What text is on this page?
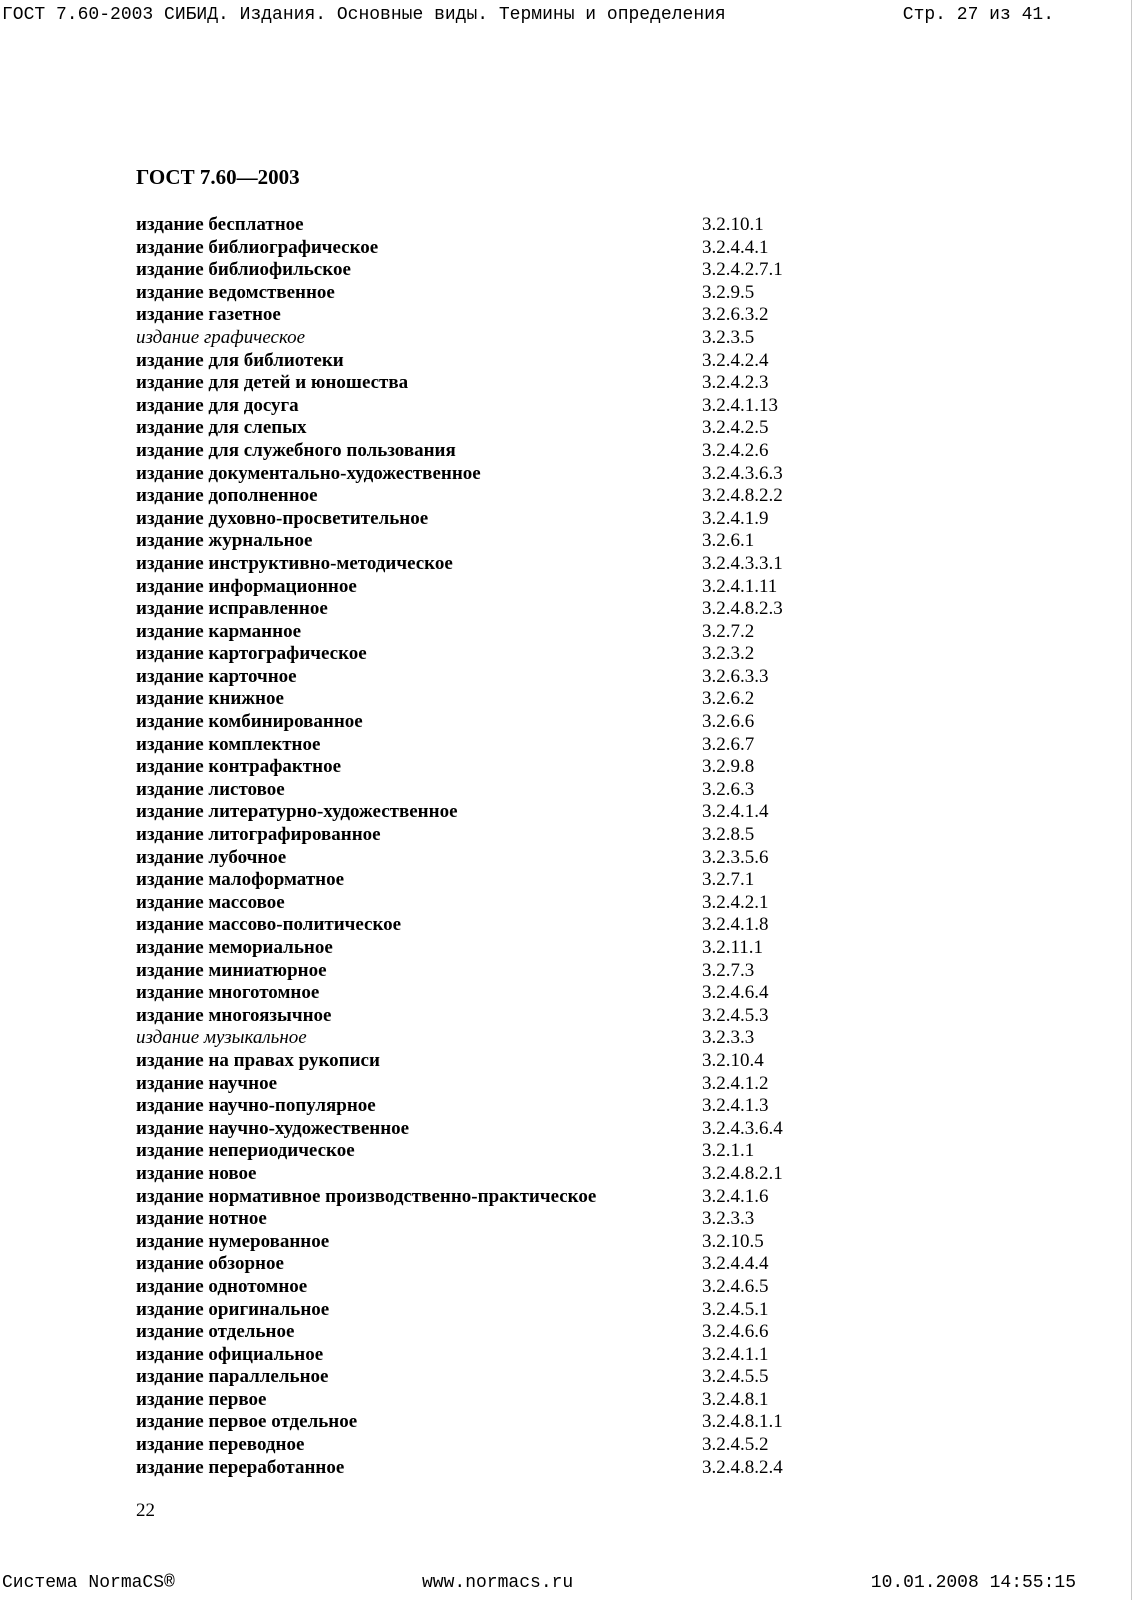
ГОСТ 7.60-2003 СИБИД. Издания. Основные виды. Термины и определения	Стр. 27 из 41.
ГОСТ 7.60—2003
издание бесплатное	3.2.10.1
издание библиографическое	3.2.4.4.1
издание библиофильское	3.2.4.2.7.1
издание ведомственное	3.2.9.5
издание газетное	3.2.6.3.2
издание графическое	3.2.3.5
издание для библиотеки	3.2.4.2.4
издание для детей и юношества	3.2.4.2.3
издание для досуга	3.2.4.1.13
издание для слепых	3.2.4.2.5
издание для служебного пользования	3.2.4.2.6
издание документально-художественное	3.2.4.3.6.3
издание дополненное	3.2.4.8.2.2
издание духовно-просветительное	3.2.4.1.9
издание журнальное	3.2.6.1
издание инструктивно-методическое	3.2.4.3.3.1
издание информационное	3.2.4.1.11
издание исправленное	3.2.4.8.2.3
издание карманное	3.2.7.2
издание картографическое	3.2.3.2
издание карточное	3.2.6.3.3
издание книжное	3.2.6.2
издание комбинированное	3.2.6.6
издание комплектное	3.2.6.7
издание контрафактное	3.2.9.8
издание листовое	3.2.6.3
издание литературно-художественное	3.2.4.1.4
издание литографированное	3.2.8.5
издание лубочное	3.2.3.5.6
издание малоформатное	3.2.7.1
издание массовое	3.2.4.2.1
издание массово-политическое	3.2.4.1.8
издание мемориальное	3.2.11.1
издание миниатюрное	3.2.7.3
издание многотомное	3.2.4.6.4
издание многоязычное	3.2.4.5.3
издание музыкальное	3.2.3.3
издание на правах рукописи	3.2.10.4
издание научное	3.2.4.1.2
издание научно-популярное	3.2.4.1.3
издание научно-художественное	3.2.4.3.6.4
издание непериодическое	3.2.1.1
издание новое	3.2.4.8.2.1
издание нормативное производственно-практическое	3.2.4.1.6
издание нотное	3.2.3.3
издание нумерованное	3.2.10.5
издание обзорное	3.2.4.4.4
издание однотомное	3.2.4.6.5
издание оригинальное	3.2.4.5.1
издание отдельное	3.2.4.6.6
издание официальное	3.2.4.1.1
издание параллельное	3.2.4.5.5
издание первое	3.2.4.8.1
издание первое отдельное	3.2.4.8.1.1
издание переводное	3.2.4.5.2
издание переработанное	3.2.4.8.2.4
22
Система NormaCS®	www.normacs.ru	10.01.2008 14:55:15
